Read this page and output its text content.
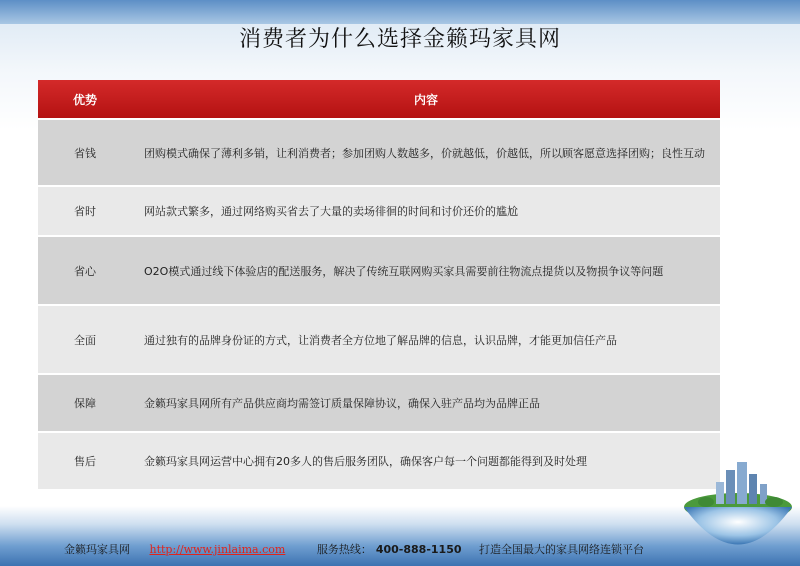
消费者为什么选择金籁玛家具网
优势	内容
省钱	团购模式确保了薄利多销，让利消费者；参加团购人数越多，价就越低，价越低，所以顾客愿意选择团购；良性互动
省时	网站款式繁多，通过网络购买省去了大量的卖场徘徊的时间和讨价还价的尴尬
省心	O2O模式通过线下体验店的配送服务，解决了传统互联网购买家具需要前往物流点提货以及物损争议等问题
全面	通过独有的品牌身份证的方式，让消费者全方位地了解品牌的信息，认识品牌，才能更加信任产品
保障	金籁玛家具网所有产品供应商均需签订质量保障协议，确保入驻产品均为品牌正品
售后	金籁玛家具网运营中心拥有20多人的售后服务团队，确保客户每一个问题都能得到及时处理
金籁玛家具网 http://www.jinlaima.com	服务热线： 400-888-1150 打造全国最大的家具网络连锁平台
